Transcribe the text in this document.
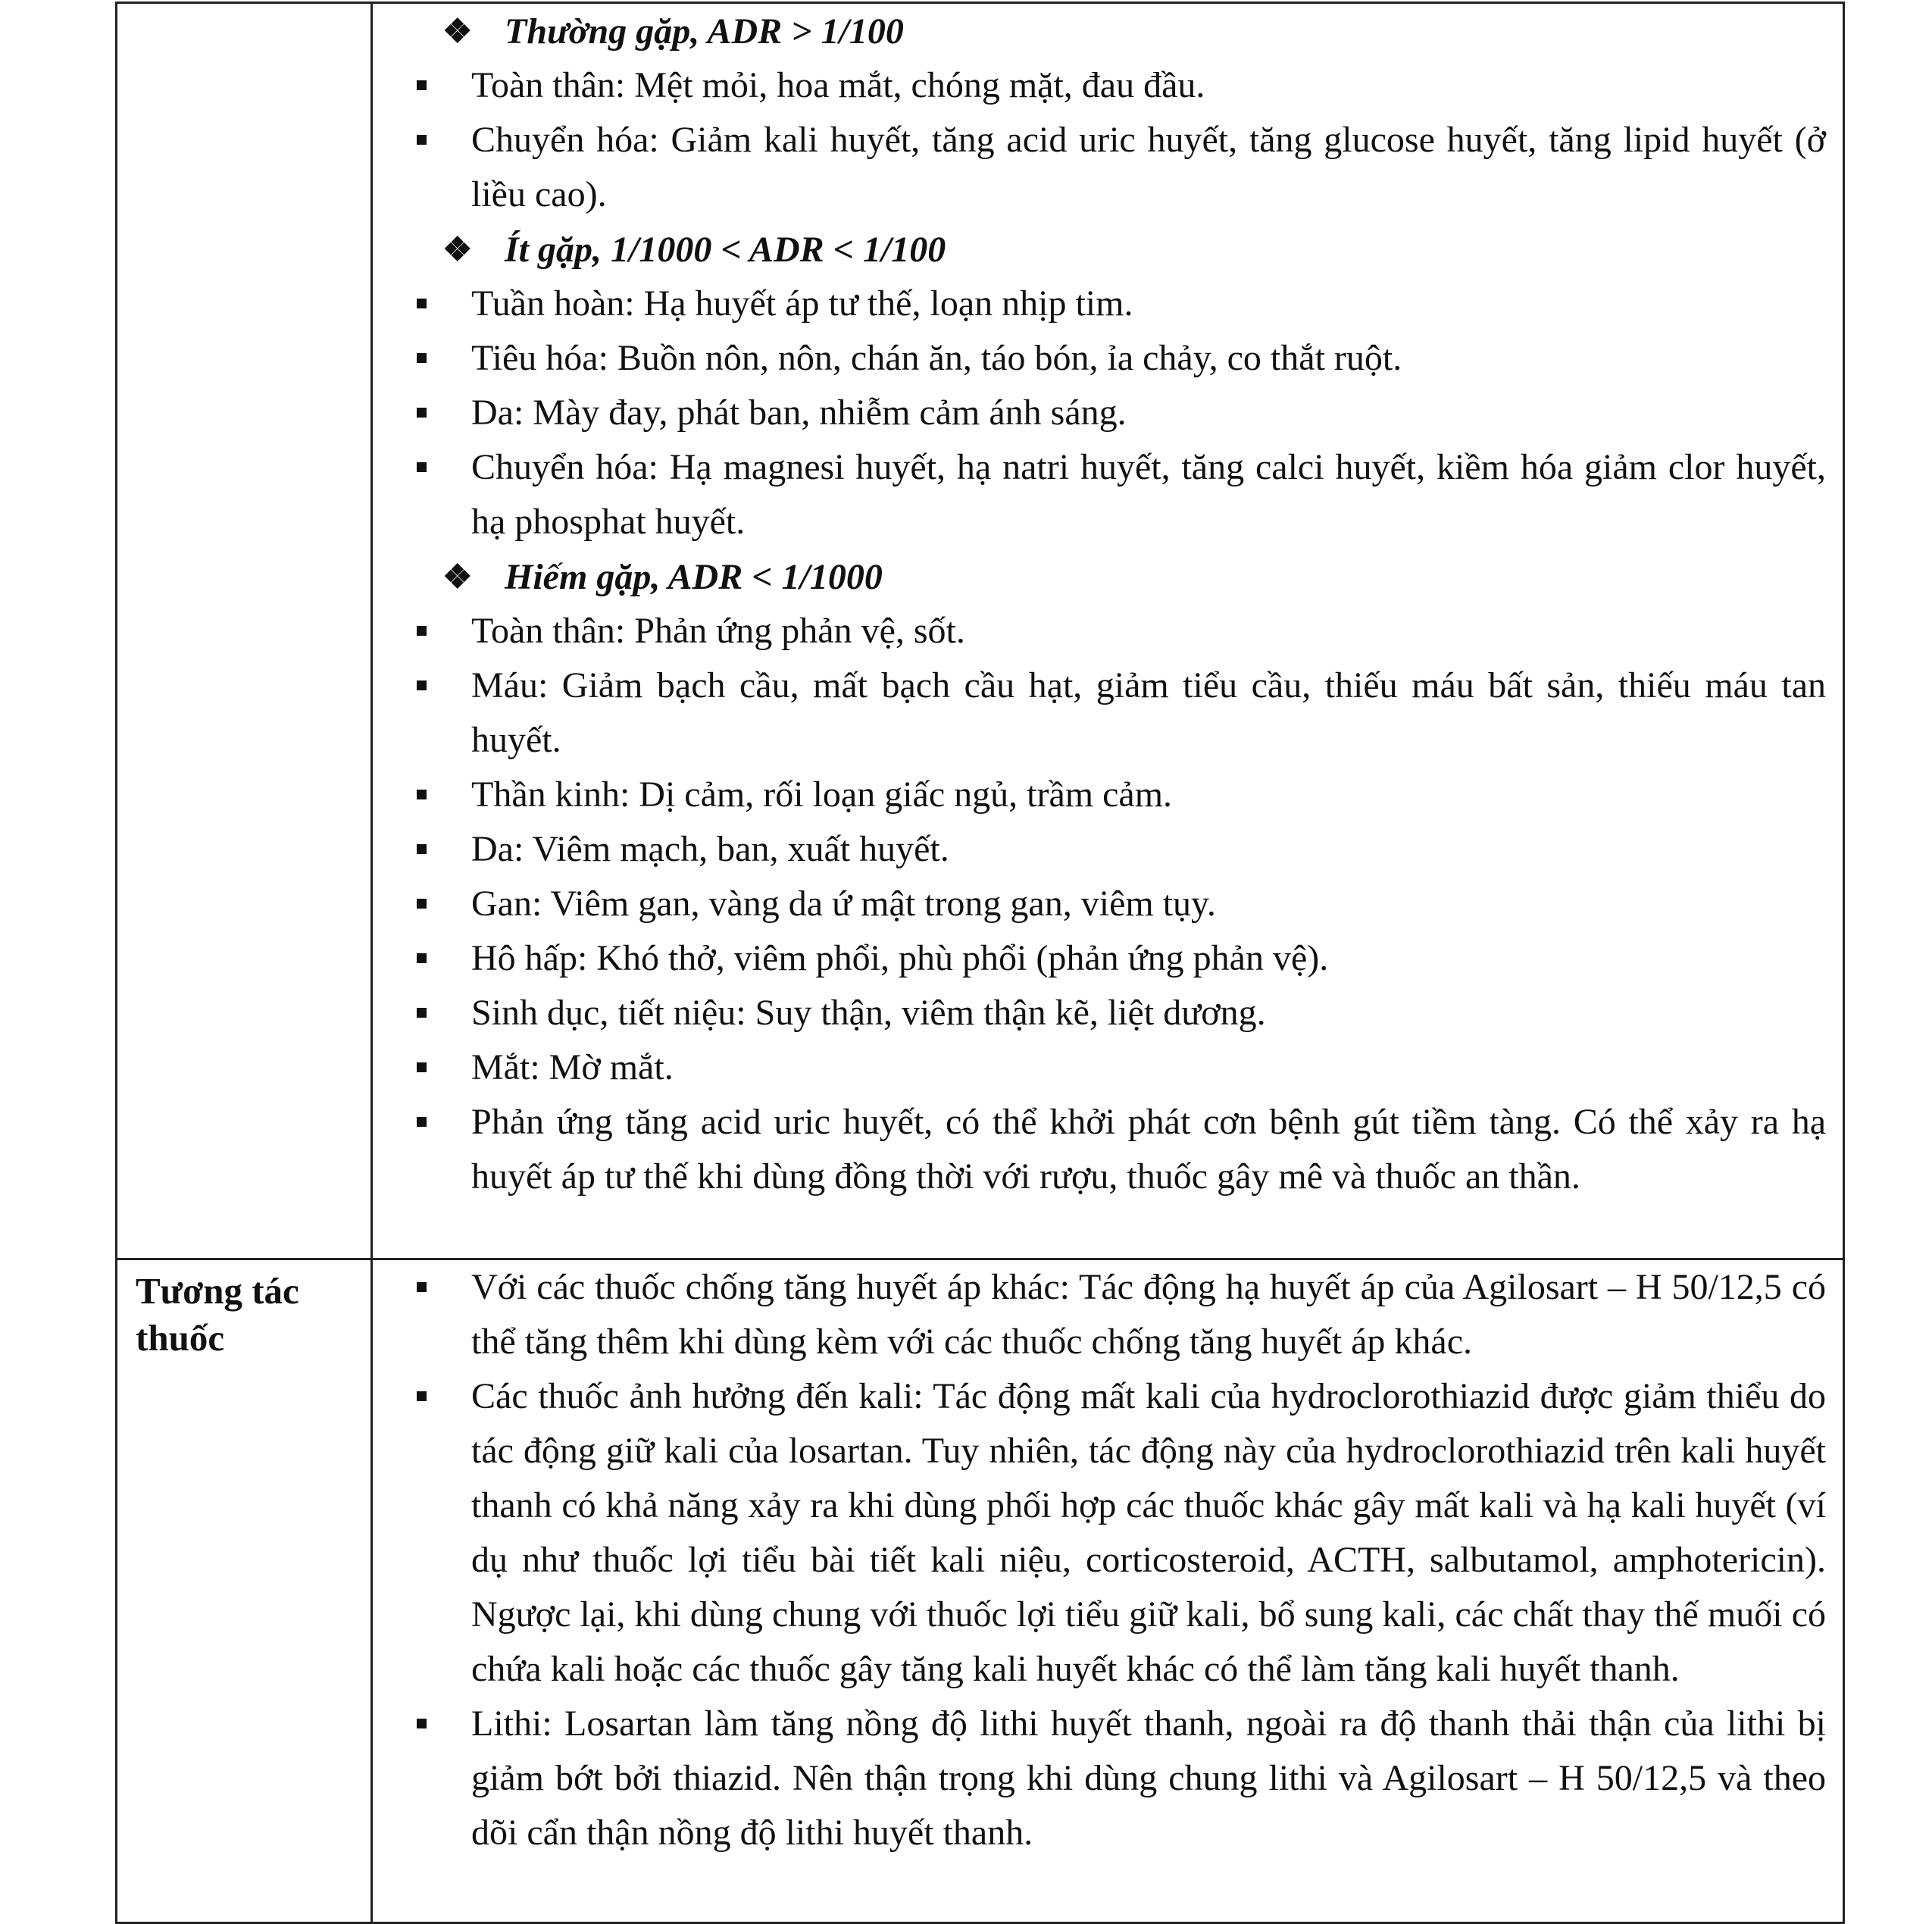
❖ Thường gặp, ADR > 1/100
Toàn thân: Mệt mỏi, hoa mắt, chóng mặt, đau đầu.
Chuyển hóa: Giảm kali huyết, tăng acid uric huyết, tăng glucose huyết, tăng lipid huyết (ở liều cao).
❖ Ít gặp, 1/1000 < ADR < 1/100
Tuần hoàn: Hạ huyết áp tư thế, loạn nhịp tim.
Tiêu hóa: Buồn nôn, nôn, chán ăn, táo bón, ỉa chảy, co thắt ruột.
Da: Mày đay, phát ban, nhiễm cảm ánh sáng.
Chuyển hóa: Hạ magnesi huyết, hạ natri huyết, tăng calci huyết, kiềm hóa giảm clor huyết, hạ phosphat huyết.
❖ Hiếm gặp, ADR < 1/1000
Toàn thân: Phản ứng phản vệ, sốt.
Máu: Giảm bạch cầu, mất bạch cầu hạt, giảm tiểu cầu, thiếu máu bất sản, thiếu máu tan huyết.
Thần kinh: Dị cảm, rối loạn giấc ngủ, trầm cảm.
Da: Viêm mạch, ban, xuất huyết.
Gan: Viêm gan, vàng da ứ mật trong gan, viêm tụy.
Hô hấp: Khó thở, viêm phổi, phù phổi (phản ứng phản vệ).
Sinh dục, tiết niệu: Suy thận, viêm thận kẽ, liệt dương.
Mắt: Mờ mắt.
Phản ứng tăng acid uric huyết, có thể khởi phát cơn bệnh gút tiềm tàng. Có thể xảy ra hạ huyết áp tư thế khi dùng đồng thời với rượu, thuốc gây mê và thuốc an thần.
Tương tác
thuốc
Với các thuốc chống tăng huyết áp khác: Tác động hạ huyết áp của Agilosart – H 50/12,5 có thể tăng thêm khi dùng kèm với các thuốc chống tăng huyết áp khác.
Các thuốc ảnh hưởng đến kali: Tác động mất kali của hydroclorothiazid được giảm thiểu do tác động giữ kali của losartan. Tuy nhiên, tác động này của hydroclorothiazid trên kali huyết thanh có khả năng xảy ra khi dùng phối hợp các thuốc khác gây mất kali và hạ kali huyết (ví dụ như thuốc lợi tiểu bài tiết kali niệu, corticosteroid, ACTH, salbutamol, amphotericin). Ngược lại, khi dùng chung với thuốc lợi tiểu giữ kali, bổ sung kali, các chất thay thế muối có chứa kali hoặc các thuốc gây tăng kali huyết khác có thể làm tăng kali huyết thanh.
Lithi: Losartan làm tăng nồng độ lithi huyết thanh, ngoài ra độ thanh thải thận của lithi bị giảm bớt bởi thiazid. Nên thận trọng khi dùng chung lithi và Agilosart – H 50/12,5 và theo dõi cẩn thận nồng độ lithi huyết thanh.
